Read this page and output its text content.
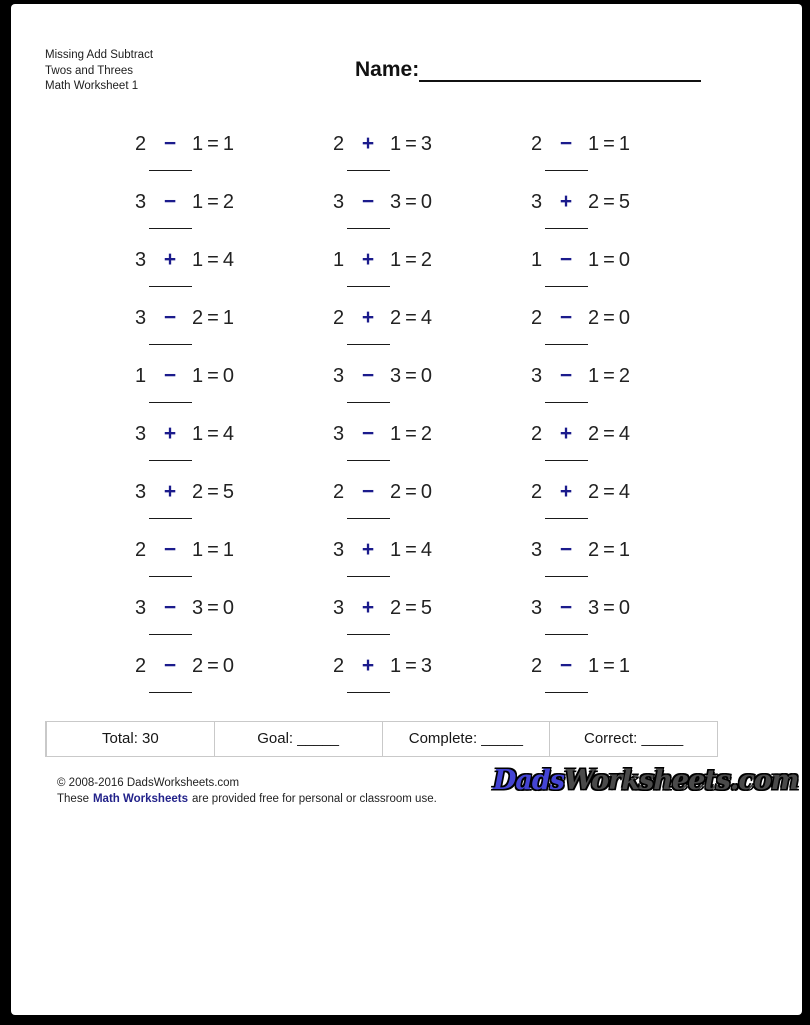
Missing Add Subtract
Twos and Threes
Math Worksheet 1
Name:
2 − 1 = 1	2 + 1 = 3	2 − 1 = 1
3 − 1 = 2	3 − 3 = 0	3 + 2 = 5
3 + 1 = 4	1 + 1 = 2	1 − 1 = 0
3 − 2 = 1	2 + 2 = 4	2 − 2 = 0
1 − 1 = 0	3 − 3 = 0	3 − 1 = 2
3 + 1 = 4	3 − 1 = 2	2 + 2 = 4
3 + 2 = 5	2 − 2 = 0	2 + 2 = 4
2 − 1 = 1	3 + 1 = 4	3 − 2 = 1
3 − 3 = 0	3 + 2 = 5	3 − 3 = 0
2 − 2 = 0	2 + 1 = 3	2 − 1 = 1
Total: 30	Goal: _____	Complete: _____	Correct: _____
© 2008-2016 DadsWorksheets.com
These Math Worksheets are provided free for personal or classroom use.
DadsWorksheets.com
